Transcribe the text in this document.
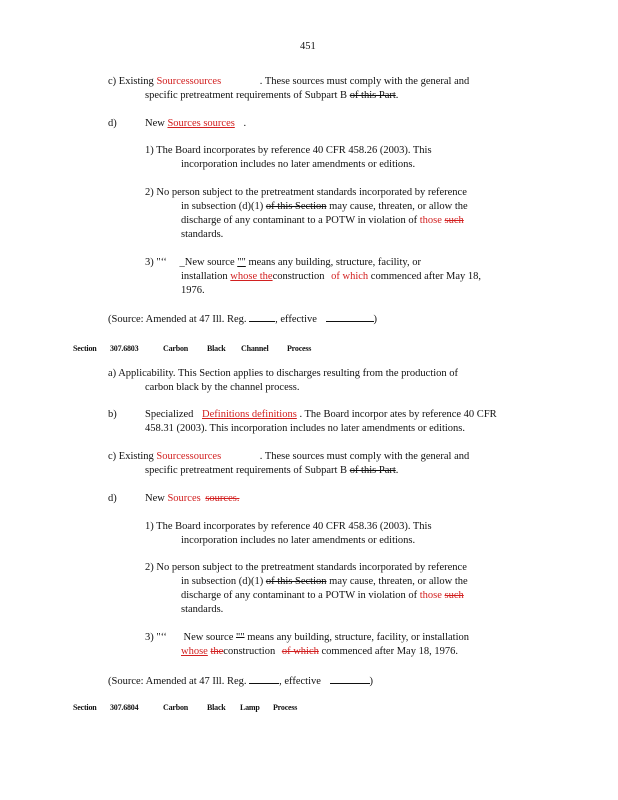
451
c) Existing Sourcessources	. These sources must comply with the general and
specific pretreatment requirements of Subpart B of this Part.
d)	New Sources sources .
1) The Board incorporates by reference 40 CFR 458.26 (2003). This
incorporation includes no later amendments or editions.
2) No person subject to the pretreatment standards incorporated by reference
in subsection (d)(1) of this Section may cause, threaten, or allow the
discharge of any contaminant to a POTW in violation of those such
standards.
3) "‘‘ _New source "" means any building, structure, facility, or
installation whose theconstruction of which commenced after May 18,
1976.
(Source: Amended at 47 Ill. Reg.	, effective	)
Section 307.6803	Carbon Black Channel Process
a) Applicability. This Section applies to discharges resulting from the production of
carbon black by the channel process.
b)	Specialized Definitions definitions . The Board incorpor ates by reference 40 CFR
458.31 (2003). This incorporation includes no later amendments or editions.
c) Existing Sourcessources	. These sources must comply with the general and
specific pretreatment requirements of Subpart B of this Part.
d)	New Sources sources.
1) The Board incorporates by reference 40 CFR 458.36 (2003). This
incorporation includes no later amendments or editions.
2) No person subject to the pretreatment standards incorporated by reference
in subsection (d)(1) of this Section may cause, threaten, or allow the
discharge of any contaminant to a POTW in violation of those such
standards.
3) "‘‘ New source "" means any building, structure, facility, or installation
whose theconstruction of which commenced after May 18, 1976.
(Source: Amended at 47 Ill. Reg.	, effective	)
Section 307.6804	Carbon Black Lamp Process
